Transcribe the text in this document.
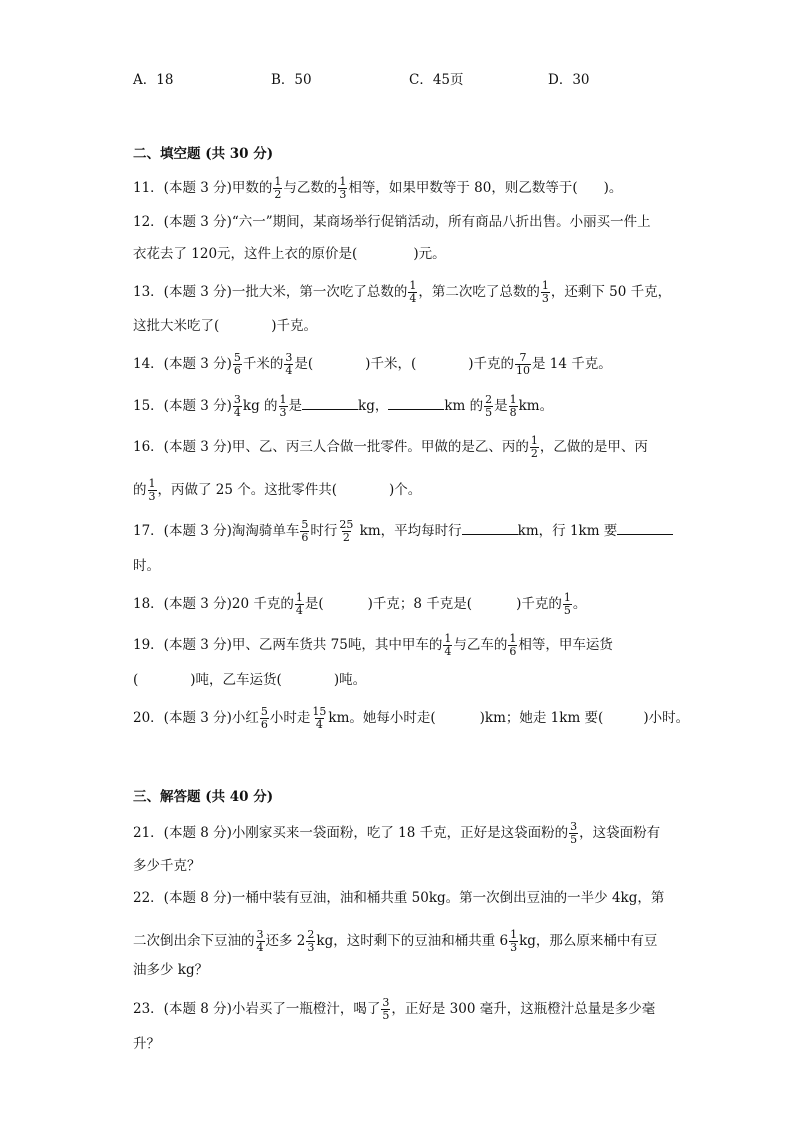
A．18	B．50	C．45页	D．30
二、填空题 (共 30 分)
11．(本题 3 分)甲数的 $\frac{1}{2}$ 与乙数的 $\frac{1}{3}$ 相等，如果甲数等于 80，则乙数等于( )。
12．(本题 3 分)“六一”期间，某商场举行促销活动，所有商品八折出售。小丽买一件上
衣花去了 120元，这件上衣的原价是(	)元。
13．(本题 3 分)一批大米，第一次吃了总数的 $\frac{1}{4}$ ，第二次吃了总数的 $\frac{1}{3}$ ，还剩下 50 千克，
这批大米吃了(	)千克。
14．(本题 3 分) $\frac{5}{6}$ 千米的 $\frac{3}{4}$ 是(	)千米，(	)千克的 $\frac{7}{10}$ 是 14 千克。
15．(本题 3 分) $\frac{3}{4}$ kg 的 $\frac{1}{3}$ 是	kg，	km 的 $\frac{2}{5}$ 是 $\frac{1}{8}$ km。
16．(本题 3 分)甲、乙、丙三人合做一批零件。甲做的是乙、丙的 $\frac{1}{2}$ ，乙做的是甲、丙
的 $\frac{1}{3}$ ，丙做了 25 个。这批零件共(	)个。
17．(本题 3 分)淘淘骑单车 $\frac{5}{6}$ 时行 $\frac{25}{2}$ km，平均每时行	km，行 1km 要
时。
18．(本题 3 分)20 千克的 $\frac{1}{4}$ 是(	)千克；8 千克是(	)千克的 $\frac{1}{5}$ 。
19．(本题 3 分)甲、乙两车货共 75吨，其中甲车的 $\frac{1}{4}$ 与乙车的 $\frac{1}{6}$ 相等，甲车运货
(	)吨，乙车运货(	)吨。
20．(本题 3 分)小红 $\frac{5}{6}$ 小时走 $\frac{15}{4}$ km。她每小时走(	)km；她走 1km 要(	)小时。
三、解答题 (共 40 分)
21．(本题 8 分)小刚家买来一袋面粉，吃了 18 千克，正好是这袋面粉的 $\frac{3}{5}$ ，这袋面粉有
多少千克？
22．(本题 8 分)一桶中装有豆油，油和桶共重 50kg。第一次倒出豆油的一半少 4kg，第
二次倒出余下豆油的 $\frac{3}{4}$ 还多 $2 \frac{2}{3}$ kg，这时剩下的豆油和桶共重 $6 \frac{1}{3}$ kg，那么原来桶中有豆
油多少 kg？
23．(本题 8 分)小岩买了一瓶橙汁，喝了 $\frac{3}{5}$ ，正好是 300 毫升，这瓶橙汁总量是多少毫
升？
